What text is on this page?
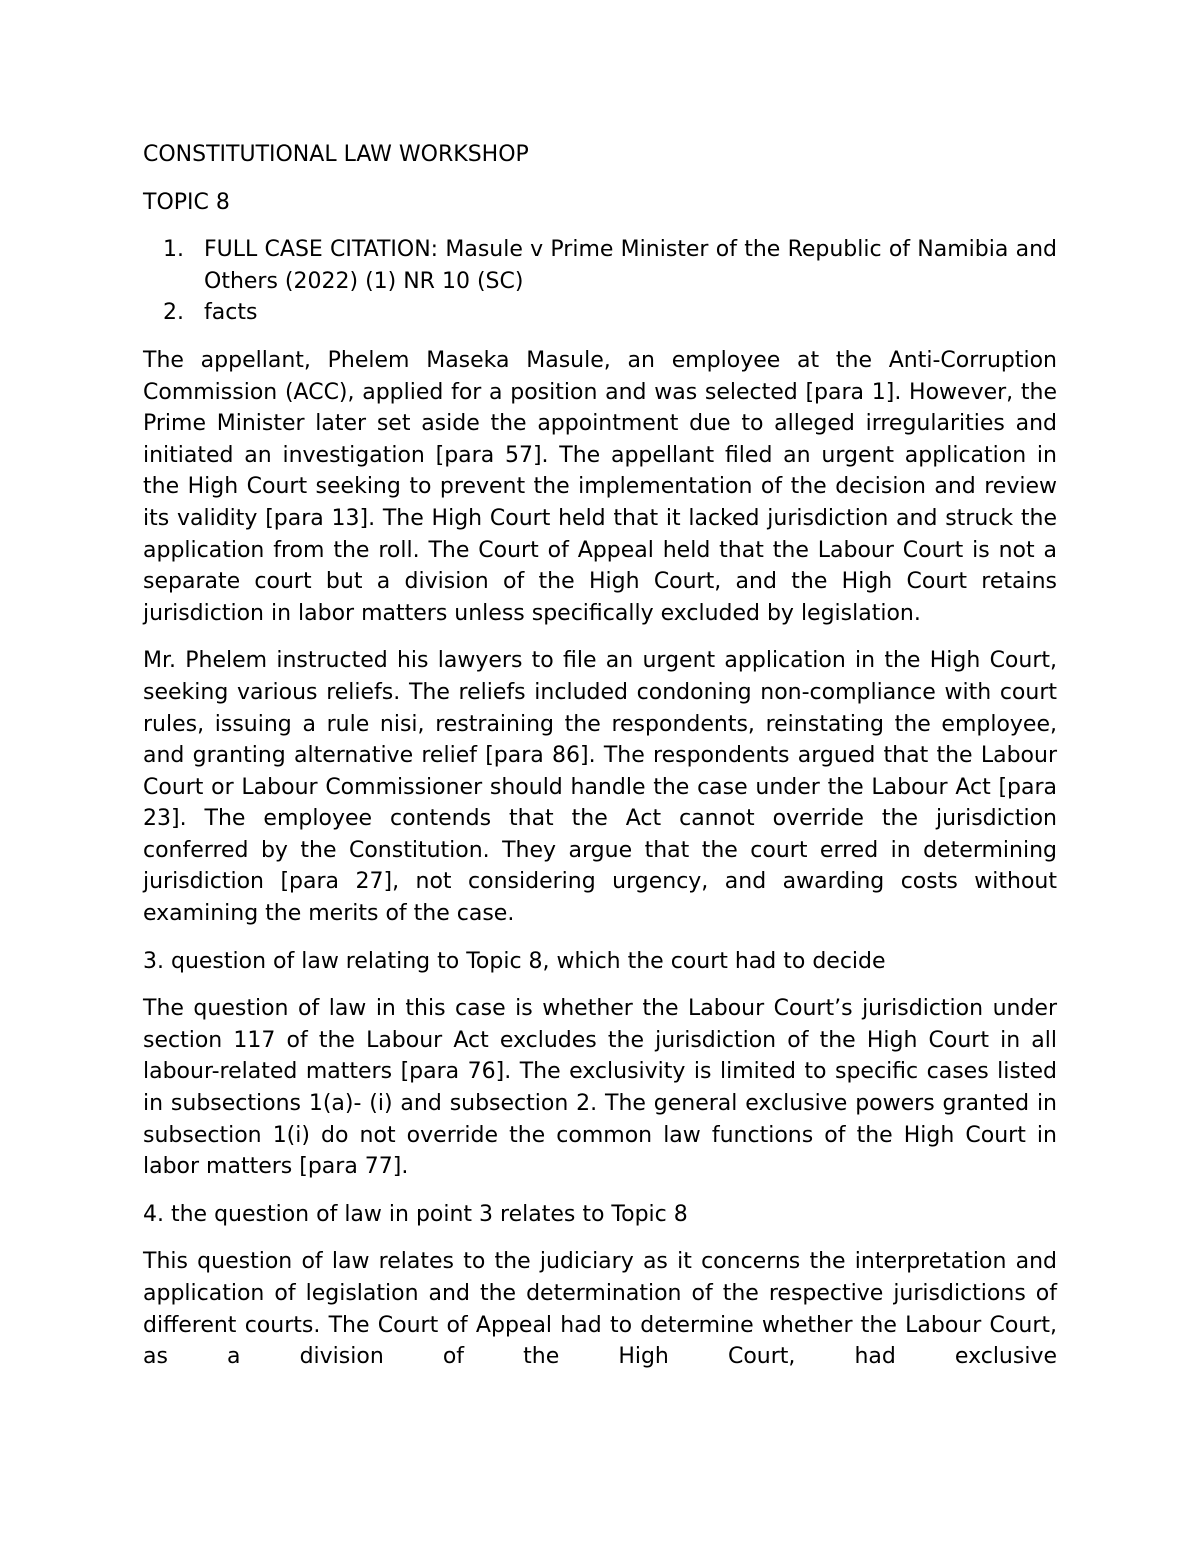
CONSTITUTIONAL LAW WORKSHOP
TOPIC 8
1. FULL CASE CITATION: Masule v Prime Minister of the Republic of Namibia and Others (2022) (1) NR 10 (SC)
2. facts

The appellant, Phelem Maseka Masule, an employee at the Anti-Corruption Commission (ACC), applied for a position and was selected [para 1]. However, the Prime Minister later set aside the appointment due to alleged irregularities and initiated an investigation [para 57]. The appellant filed an urgent application in the High Court seeking to prevent the implementation of the decision and review its validity [para 13]. The High Court held that it lacked jurisdiction and struck the application from the roll. The Court of Appeal held that the Labour Court is not a separate court but a division of the High Court, and the High Court retains jurisdiction in labor matters unless specifically excluded by legislation.

Mr. Phelem instructed his lawyers to file an urgent application in the High Court, seeking various reliefs. The reliefs included condoning non-compliance with court rules, issuing a rule nisi, restraining the respondents, reinstating the employee, and granting alternative relief [para 86]. The respondents argued that the Labour Court or Labour Commissioner should handle the case under the Labour Act [para 23]. The employee contends that the Act cannot override the jurisdiction conferred by the Constitution. They argue that the court erred in determining jurisdiction [para 27], not considering urgency, and awarding costs without examining the merits of the case.

3. question of law relating to Topic 8, which the court had to decide

The question of law in this case is whether the Labour Court’s jurisdiction under section 117 of the Labour Act excludes the jurisdiction of the High Court in all labour-related matters [para 76]. The exclusivity is limited to specific cases listed in subsections 1(a)- (i) and subsection 2. The general exclusive powers granted in subsection 1(i) do not override the common law functions of the High Court in labor matters [para 77].

4. the question of law in point 3 relates to Topic 8

This question of law relates to the judiciary as it concerns the interpretation and application of legislation and the determination of the respective jurisdictions of different courts. The Court of Appeal had to determine whether the Labour Court, as a division of the High Court, had exclusive
